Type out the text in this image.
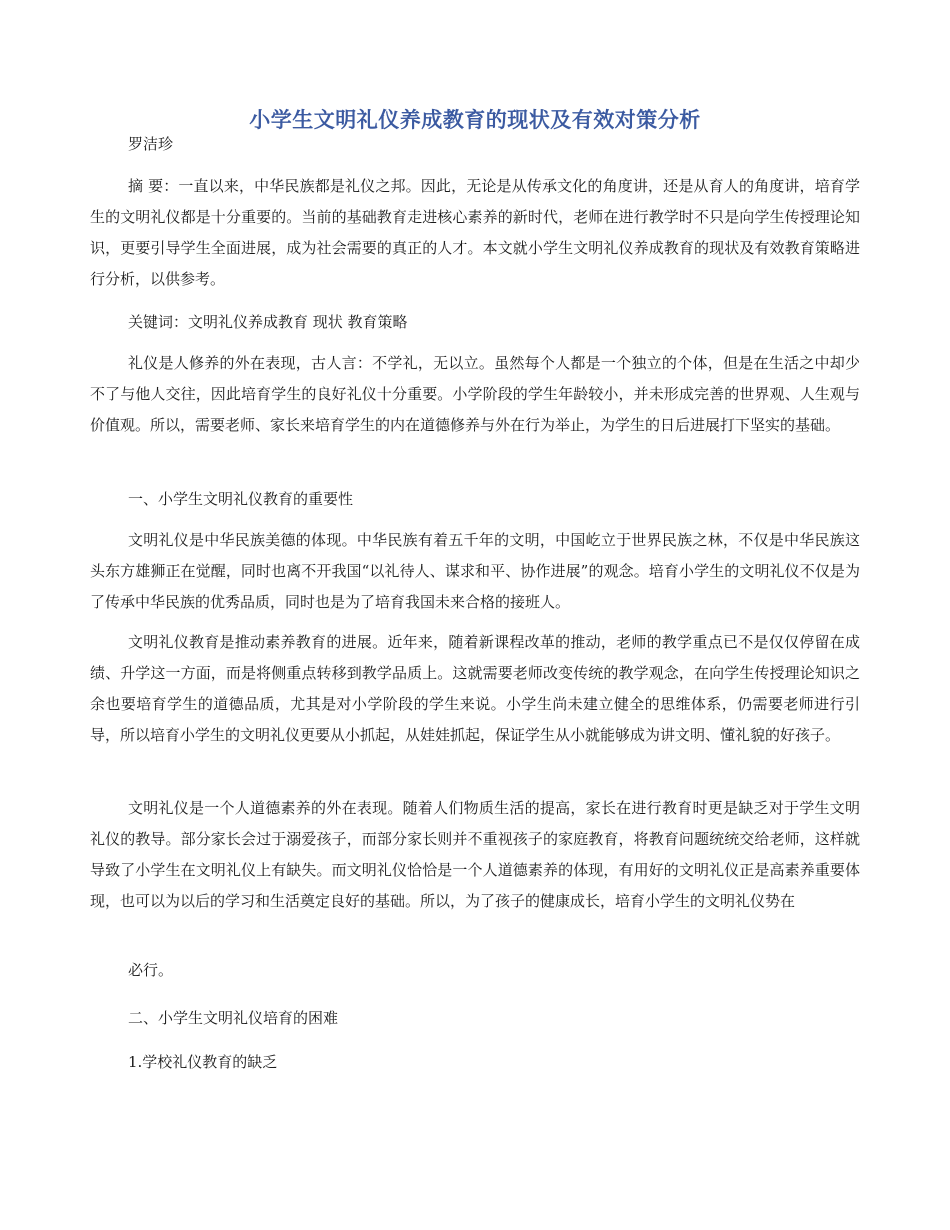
小学生文明礼仪养成教育的现状及有效对策分析
罗洁珍
摘 要：一直以来，中华民族都是礼仪之邦。因此，无论是从传承文化的角度讲，还是从育人的角度讲，培育学生的文明礼仪都是十分重要的。当前的基础教育走进核心素养的新时代，老师在进行教学时不只是向学生传授理论知识，更要引导学生全面进展，成为社会需要的真正的人才。本文就小学生文明礼仪养成教育的现状及有效教育策略进行分析，以供参考。
关键词：文明礼仪养成教育 现状 教育策略
礼仪是人修养的外在表现，古人言：不学礼，无以立。虽然每个人都是一个独立的个体，但是在生活之中却少不了与他人交往，因此培育学生的良好礼仪十分重要。小学阶段的学生年龄较小，并未形成完善的世界观、人生观与价值观。所以，需要老师、家长来培育学生的内在道德修养与外在行为举止，为学生的日后进展打下坚实的基础。
一、小学生文明礼仪教育的重要性
文明礼仪是中华民族美德的体现。中华民族有着五千年的文明，中国屹立于世界民族之林，不仅是中华民族这头东方雄狮正在觉醒，同时也离不开我国“以礼待人、谋求和平、协作进展”的观念。培育小学生的文明礼仪不仅是为了传承中华民族的优秀品质，同时也是为了培育我国未来合格的接班人。
文明礼仪教育是推动素养教育的进展。近年来，随着新课程改革的推动，老师的教学重点已不是仅仅停留在成绩、升学这一方面，而是将侧重点转移到教学品质上。这就需要老师改变传统的教学观念，在向学生传授理论知识之余也要培育学生的道德品质，尤其是对小学阶段的学生来说。小学生尚未建立健全的思维体系，仍需要老师进行引导，所以培育小学生的文明礼仪更要从小抓起，从娃娃抓起，保证学生从小就能够成为讲文明、懂礼貌的好孩子。
文明礼仪是一个人道德素养的外在表现。随着人们物质生活的提高，家长在进行教育时更是缺乏对于学生文明礼仪的教导。部分家长会过于溺爱孩子，而部分家长则并不重视孩子的家庭教育，将教育问题统统交给老师，这样就导致了小学生在文明礼仪上有缺失。而文明礼仪恰恰是一个人道德素养的体现，有用好的文明礼仪正是高素养重要体现，也可以为以后的学习和生活奠定良好的基础。所以，为了孩子的健康成长，培育小学生的文明礼仪势在
必行。
二、小学生文明礼仪培育的困难
1.学校礼仪教育的缺乏
